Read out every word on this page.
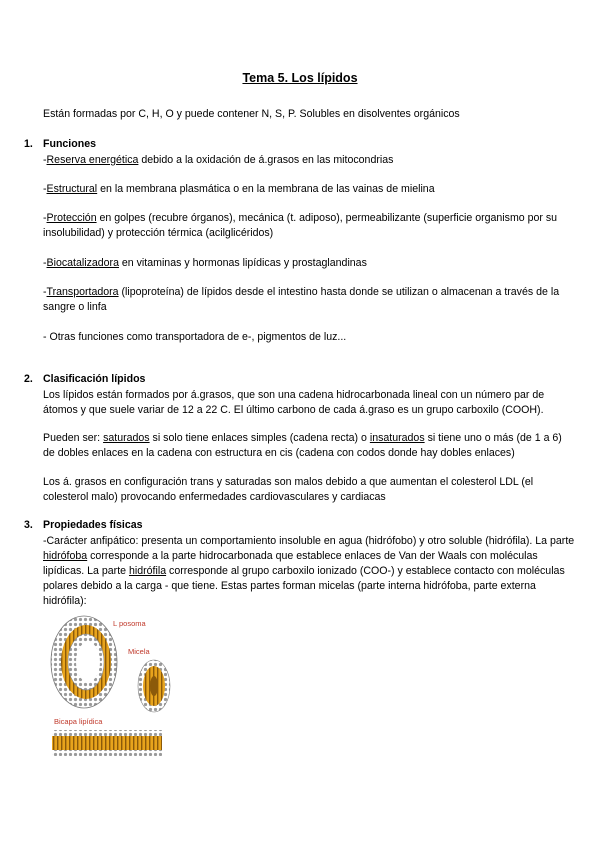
Tema 5. Los lípidos
Están formadas por C, H, O y puede contener N, S, P. Solubles en disolventes orgánicos
1. Funciones
-Reserva energética debido a la oxidación de á.grasos en las mitocondrias
-Estructural en la membrana plasmática o en la membrana de las vainas de mielina
-Protección en golpes (recubre órganos), mecánica (t. adiposo), permeabilizante (superficie organismo por su insolubilidad) y protección térmica (acilglicéridos)
-Biocatalizadora en vitaminas y hormonas lipídicas y prostaglandinas
-Transportadora (lipoproteína) de lípidos desde el intestino hasta donde se utilizan o almacenan a través de la sangre o linfa
- Otras funciones como transportadora de e-, pigmentos de luz...
2. Clasificación lípidos
Los lípidos están formados por á.grasos, que son una cadena hidrocarbonada lineal con un número par de átomos y que suele variar de 12 a 22 C. El último carbono de cada á.graso es un grupo carboxilo (COOH).
Pueden ser: saturados si solo tiene enlaces simples (cadena recta) o insaturados si tiene uno o más (de 1 a 6) de dobles enlaces en la cadena con estructura en cis (cadena con codos donde hay dobles enlaces)
Los á. grasos en configuración trans y saturadas son malos debido a que aumentan el colesterol LDL (el colesterol malo) provocando enfermedades cardiovasculares y cardiacas
3. Propiedades físicas
-Carácter anfipático: presenta un comportamiento insoluble en agua (hidrófobo) y otro soluble (hidrófila). La parte hidrófoba corresponde a la parte hidrocarbonada que establece enlaces de Van der Waals con moléculas lipídicas. La parte hidrófila corresponde al grupo carboxilo ionizado (COO-) y establece contacto con moléculas polares debido a la carga - que tiene. Estas partes forman micelas (parte interna hidrófoba, parte externa hidrófila):
L posoma
Micela
Bicapa lipídica
